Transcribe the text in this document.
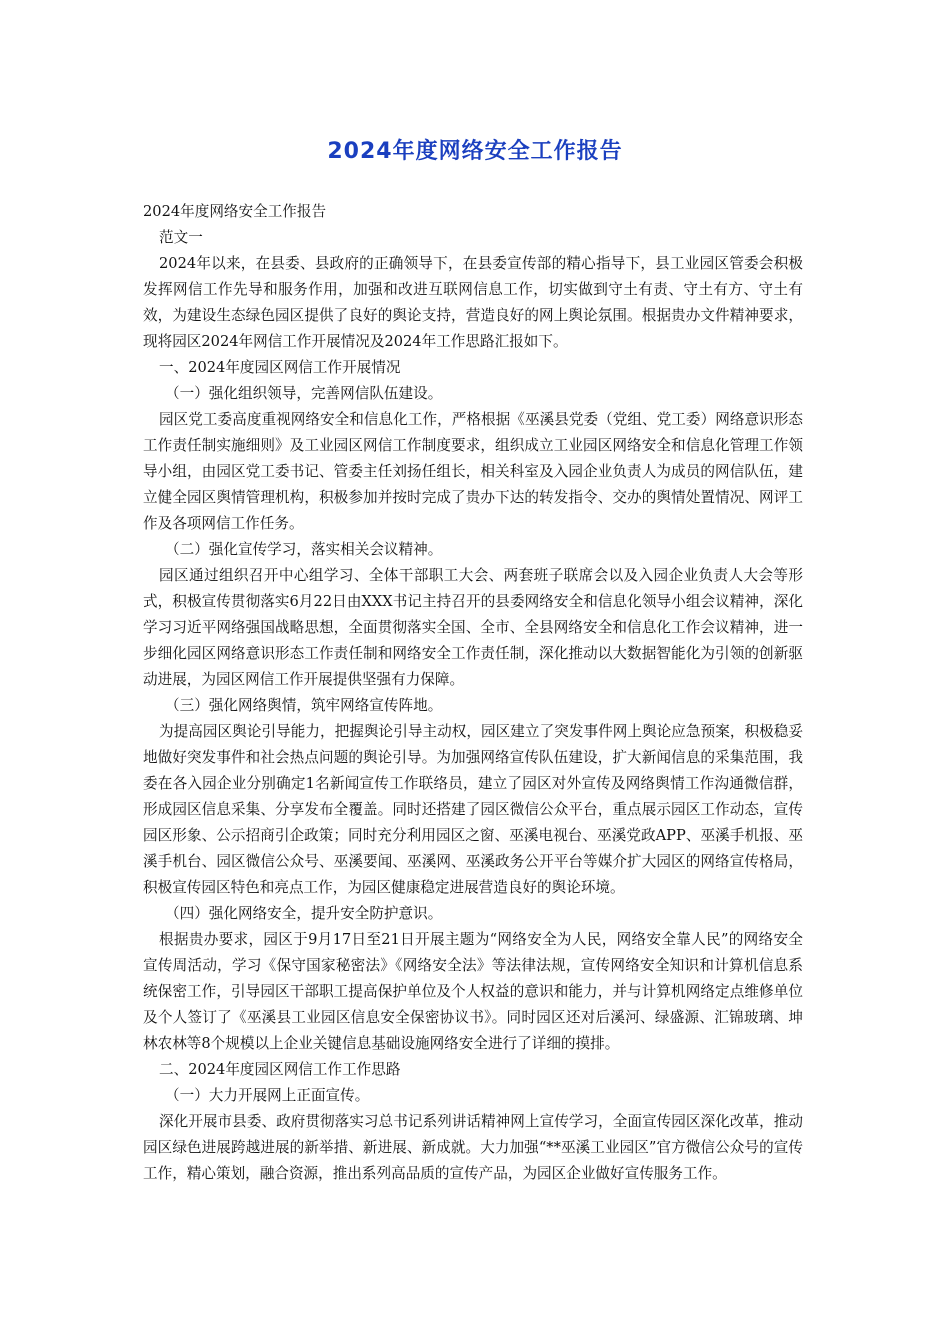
2024年度网络安全工作报告

2024年度网络安全工作报告

范文一

2024年以来，在县委、县政府的正确领导下，在县委宣传部的精心指导下，县工业园区管委会积极发挥网信工作先导和服务作用，加强和改进互联网信息工作，切实做到守土有责、守土有方、守土有效，为建设生态绿色园区提供了良好的舆论支持，营造良好的网上舆论氛围。根据贵办文件精神要求，现将园区2024年网信工作开展情况及2024年工作思路汇报如下。

一、2024年度园区网信工作开展情况

（一）强化组织领导，完善网信队伍建设。

园区党工委高度重视网络安全和信息化工作，严格根据《巫溪县党委（党组、党工委）网络意识形态工作责任制实施细则》及工业园区网信工作制度要求，组织成立工业园区网络安全和信息化管理工作领导小组，由园区党工委书记、管委主任刘扬任组长，相关科室及入园企业负责人为成员的网信队伍，建立健全园区舆情管理机构，积极参加并按时完成了贵办下达的转发指令、交办的舆情处置情况、网评工作及各项网信工作任务。

（二）强化宣传学习，落实相关会议精神。

园区通过组织召开中心组学习、全体干部职工大会、两套班子联席会以及入园企业负责人大会等形式，积极宣传贯彻落实6月22日由XXX书记主持召开的县委网络安全和信息化领导小组会议精神，深化学习习近平网络强国战略思想，全面贯彻落实全国、全市、全县网络安全和信息化工作会议精神，进一步细化园区网络意识形态工作责任制和网络安全工作责任制，深化推动以大数据智能化为引领的创新驱动进展，为园区网信工作开展提供坚强有力保障。

（三）强化网络舆情，筑牢网络宣传阵地。

为提高园区舆论引导能力，把握舆论引导主动权，园区建立了突发事件网上舆论应急预案，积极稳妥地做好突发事件和社会热点问题的舆论引导。为加强网络宣传队伍建设，扩大新闻信息的采集范围，我委在各入园企业分别确定1名新闻宣传工作联络员，建立了园区对外宣传及网络舆情工作沟通微信群，形成园区信息采集、分享发布全覆盖。同时还搭建了园区微信公众平台，重点展示园区工作动态，宣传园区形象、公示招商引企政策；同时充分利用园区之窗、巫溪电视台、巫溪党政APP、巫溪手机报、巫溪手机台、园区微信公众号、巫溪要闻、巫溪网、巫溪政务公开平台等媒介扩大园区的网络宣传格局，积极宣传园区特色和亮点工作，为园区健康稳定进展营造良好的舆论环境。

（四）强化网络安全，提升安全防护意识。

根据贵办要求，园区于9月17日至21日开展主题为“网络安全为人民，网络安全靠人民”的网络安全宣传周活动，学习《保守国家秘密法》《网络安全法》等法律法规，宣传网络安全知识和计算机信息系统保密工作，引导园区干部职工提高保护单位及个人权益的意识和能力，并与计算机网络定点维修单位及个人签订了《巫溪县工业园区信息安全保密协议书》。同时园区还对后溪河、绿盛源、汇锦玻璃、坤林农林等8个规模以上企业关键信息基础设施网络安全进行了详细的摸排。

二、2024年度园区网信工作工作思路

（一）大力开展网上正面宣传。

深化开展市县委、政府贯彻落实习总书记系列讲话精神网上宣传学习，全面宣传园区深化改革，推动园区绿色进展跨越进展的新举措、新进展、新成就。大力加强“**巫溪工业园区”官方微信公众号的宣传工作，精心策划，融合资源，推出系列高品质的宣传产品，为园区企业做好宣传服务工作。
